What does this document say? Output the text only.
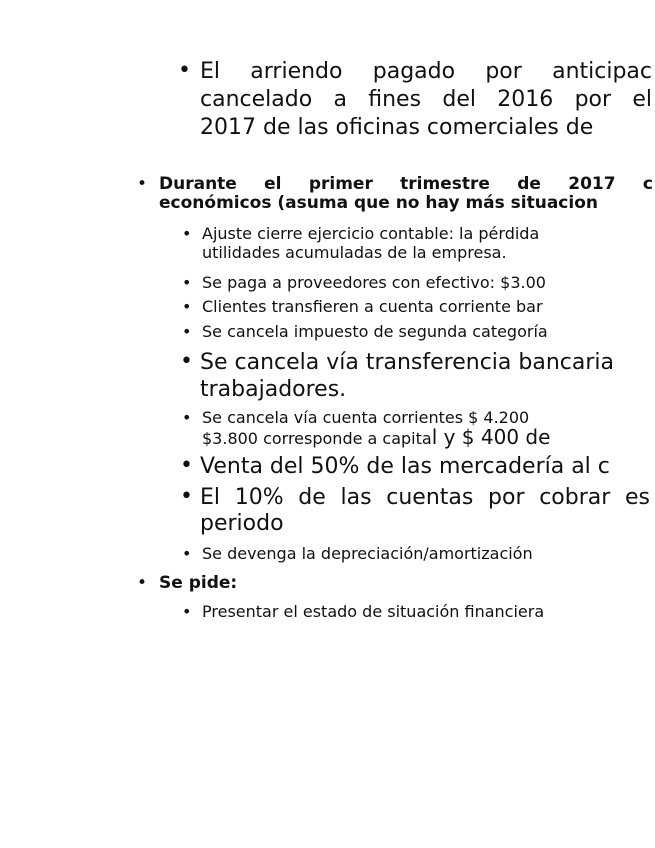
• El arriendo pagado por anticipac
cancelado a fines del 2016 por el
2017 de las oficinas comerciales de
• Durante el primer trimestre de 2017 c
económicos (asuma que no hay más situacion
• Ajuste cierre ejercicio contable: la pérdida
utilidades acumuladas de la empresa.
• Se paga a proveedores con efectivo: $3.00
• Clientes transfieren a cuenta corriente bar
• Se cancela impuesto de segunda categoría
• Se cancela vía transferencia bancaria
trabajadores.
• Se cancela vía cuenta corrientes $ 4.200
$3.800 corresponde a capital y $ 400 de
• Venta del 50% de las mercadería al c
• El 10% de las cuentas por cobrar es
periodo
• Se devenga la depreciación/amortización
• Se pide:
• Presentar el estado de situación financiera
